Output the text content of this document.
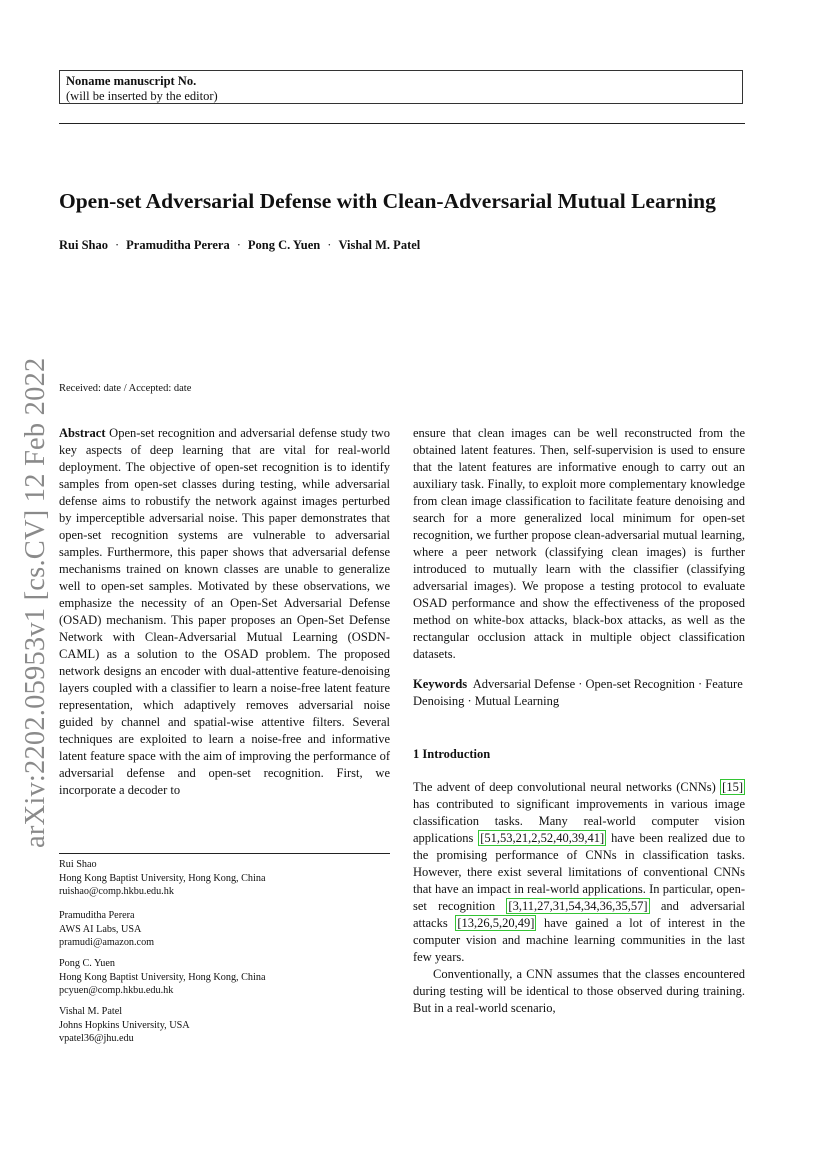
Noname manuscript No.
(will be inserted by the editor)
Open-set Adversarial Defense with Clean-Adversarial Mutual Learning
Rui Shao · Pramuditha Perera · Pong C. Yuen · Vishal M. Patel
arXiv:2202.05953v1 [cs.CV] 12 Feb 2022 Received: date / Accepted: date

Abstract Open-set recognition and adversarial defense study two key aspects of deep learning that are vital for real-world deployment. The objective of open-set recognition is to identify samples from open-set classes during testing, while adversarial defense aims to robustify the network against images perturbed by imperceptible adversarial noise. This paper demonstrates that open-set recognition systems are vulnerable to adversarial samples. Furthermore, this paper shows that adversarial defense mechanisms trained on known classes are unable to generalize well to open-set samples. Motivated by these observations, we emphasize the necessity of an Open-Set Adversarial Defense (OSAD) mechanism. This paper proposes an Open-Set Defense Network with Clean-Adversarial Mutual Learning (OSDN-CAML) as a solution to the OSAD problem. The proposed network designs an encoder with dual-attentive feature-denoising layers coupled with a classifier to learn a noise-free latent feature representation, which adaptively removes adversarial noise guided by channel and spatial-wise attentive filters. Several techniques are exploited to learn a noise-free and informative latent feature space with the aim of improving the performance of adversarial defense and open-set recognition. First, we incorporate a decoder to

Rui Shao
Hong Kong Baptist University, Hong Kong, China
ruishao@comp.hkbu.edu.hk
Pramuditha Perera
AWS AI Labs, USA
pramudi@amazon.com
Pong C. Yuen
Hong Kong Baptist University, Hong Kong, China
pcyuen@comp.hkbu.edu.hk
Vishal M. Patel
Johns Hopkins University, USA
vpatel36@jhu.edu

ensure that clean images can be well reconstructed from the obtained latent features. Then, self-supervision is used to ensure that the latent features are informative enough to carry out an auxiliary task. Finally, to exploit more complementary knowledge from clean image classification to facilitate feature denoising and search for a more generalized local minimum for open-set recognition, we further propose clean-adversarial mutual learning, where a peer network (classifying clean images) is further introduced to mutually learn with the classifier (classifying adversarial images). We propose a testing protocol to evaluate OSAD performance and show the effectiveness of the proposed method on white-box attacks, black-box attacks, as well as the rectangular occlusion attack in multiple object classification datasets.

Keywords Adversarial Defense · Open-set Recognition · Feature Denoising · Mutual Learning

1 Introduction

The advent of deep convolutional neural networks (CNNs) [15] has contributed to significant improvements in various image classification tasks. Many real-world computer vision applications [51,53,21,2,52,40,39,41] have been realized due to the promising performance of CNNs in classification tasks. However, there exist several limitations of conventional CNNs that have an impact in real-world applications. In particular, open-set recognition [3,11,27,31,54,34,36,35,57] and adversarial attacks [13,26,5,20,49] have gained a lot of interest in the computer vision and machine learning communities in the last few years.

Conventionally, a CNN assumes that the classes encountered during testing will be identical to those observed during training. But in a real-world scenario,
